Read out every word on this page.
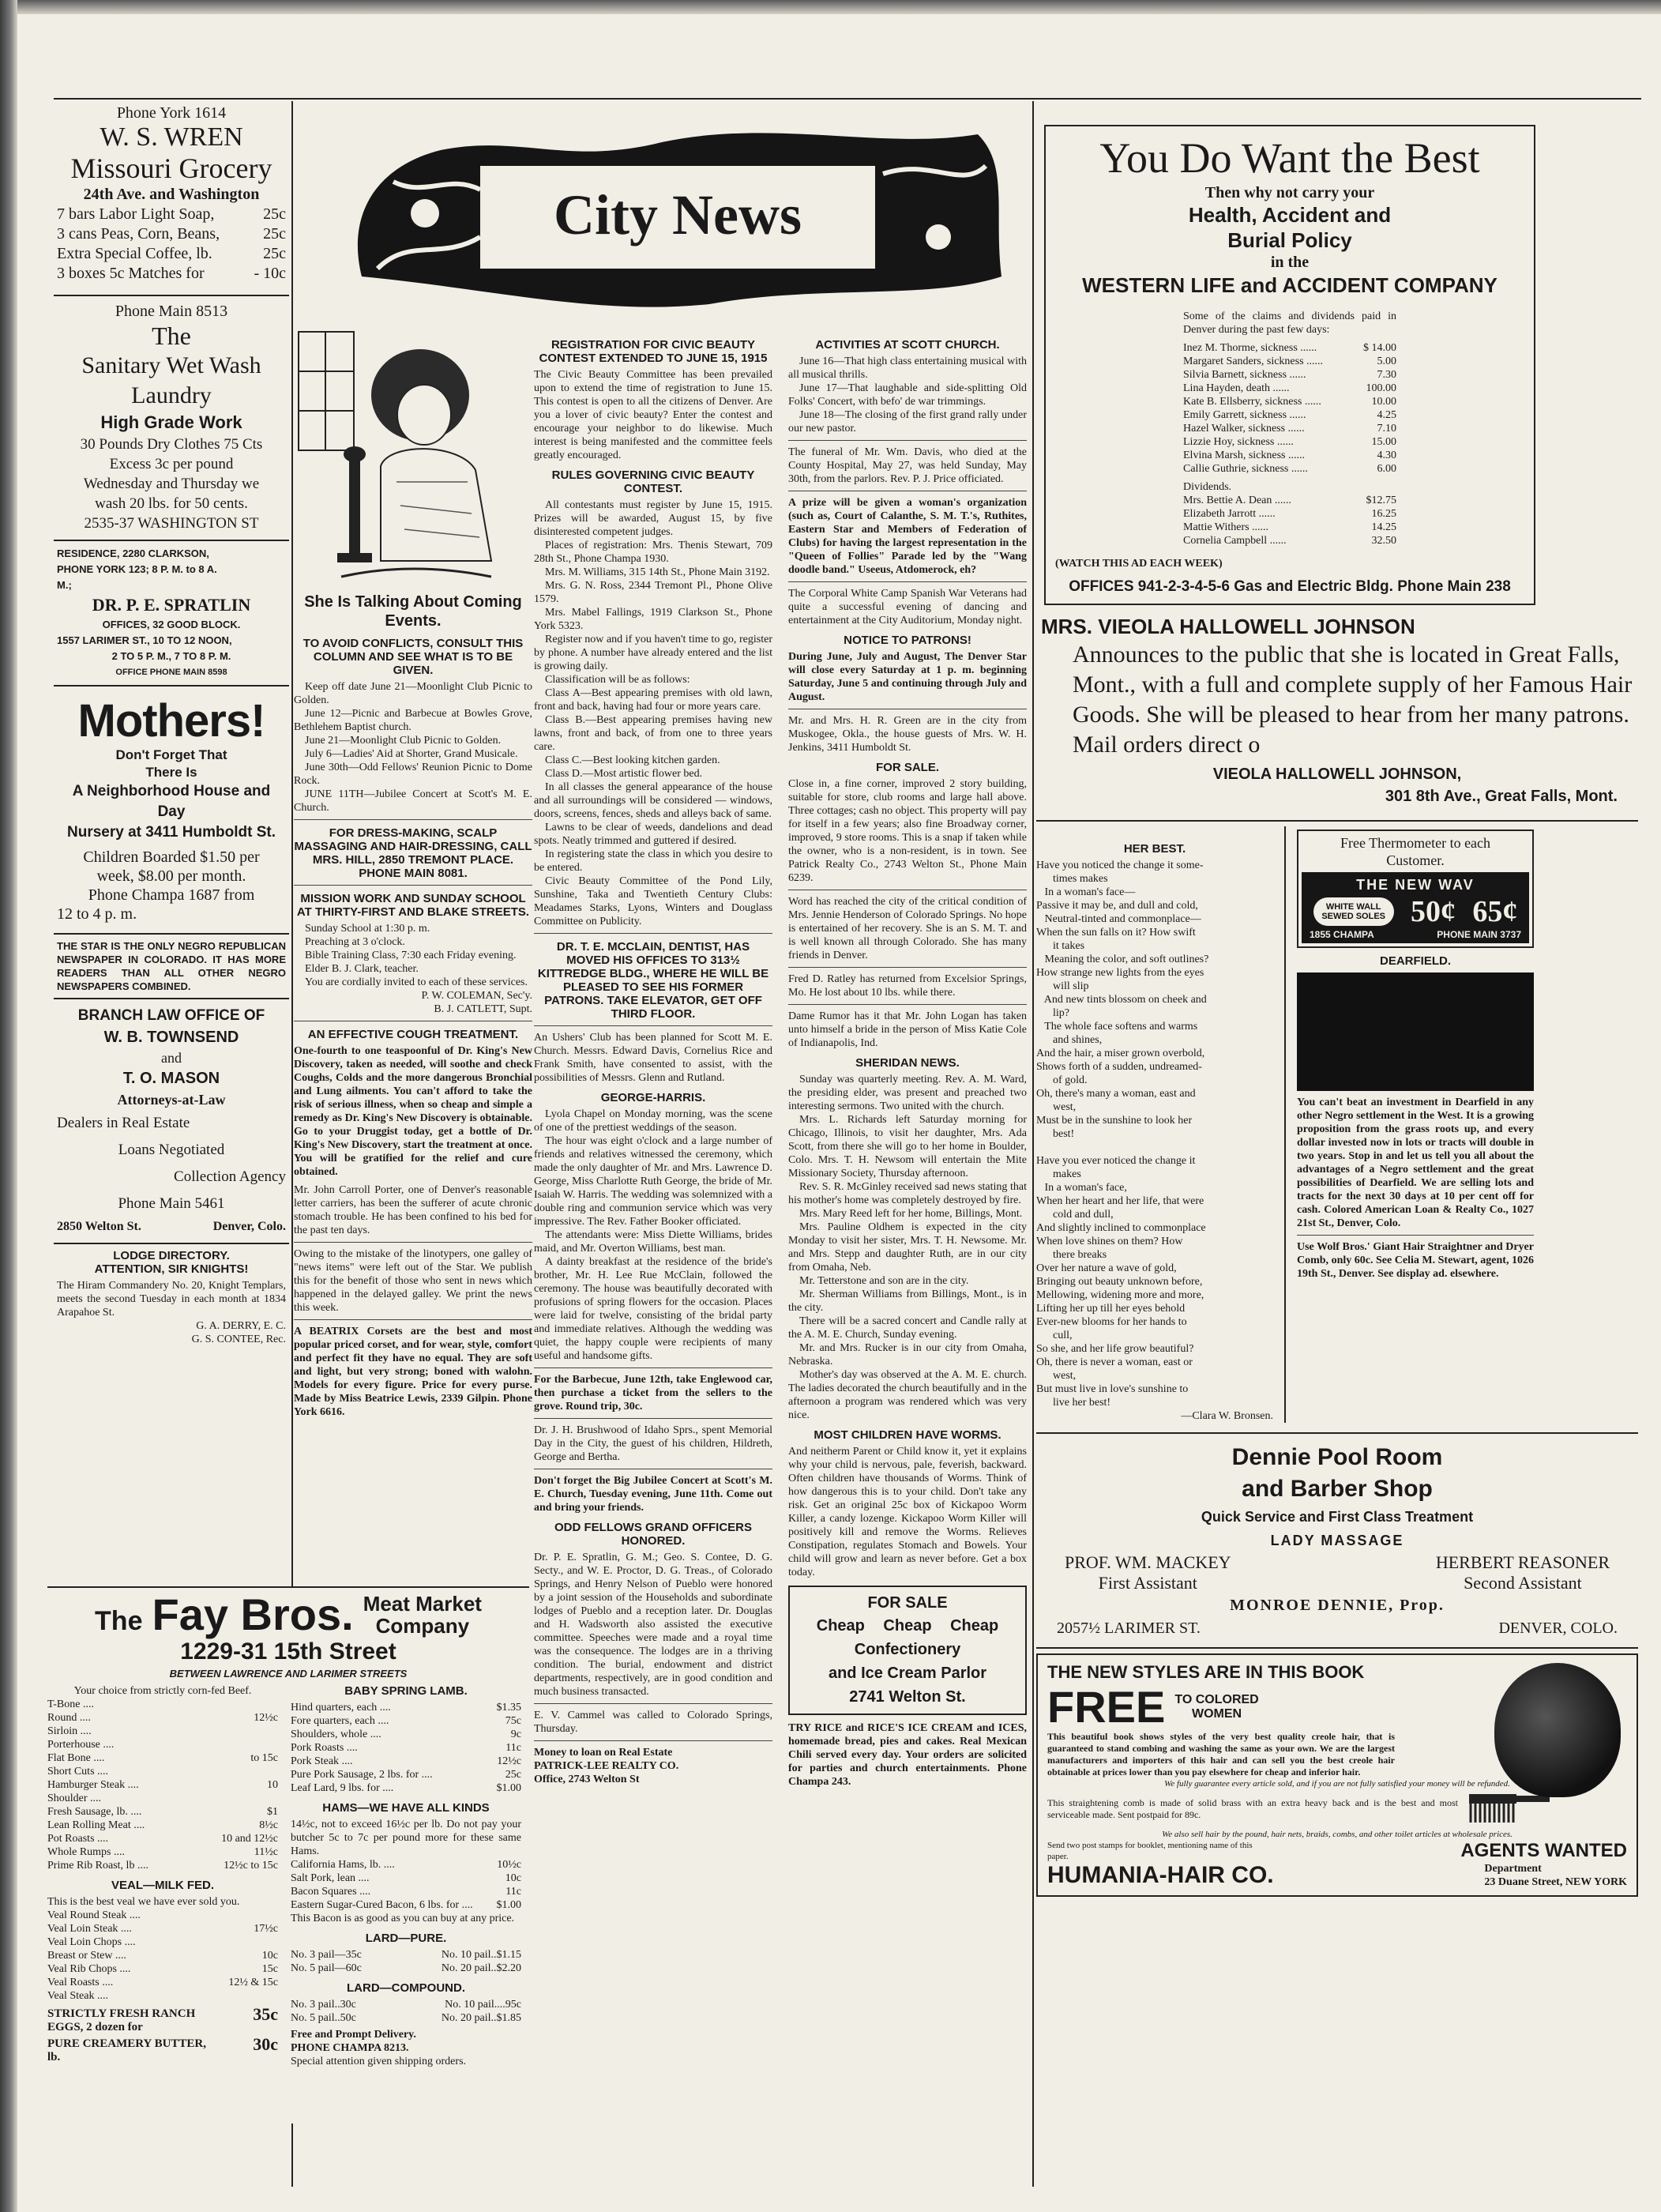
Phone York 1614

W. S. WREN

Missouri Grocery

24th Ave. and Washington

7 bars Labor Light Soap,	25c
3 cans Peas, Corn, Beans,	25c
Extra Special Coffee, lb.	25c
3 boxes 5c Matches for	- 10c

Phone Main 8513

The

Sanitary Wet Wash

Laundry

High Grade Work

30 Pounds Dry Clothes 75 Cts

Excess 3c per pound

Wednesday and Thursday we

wash 20 lbs. for 50 cents.

2535-37 WASHINGTON ST

RESIDENCE, 2280 CLARKSON,

PHONE YORK 123; 8 P. M. to 8 A.

M.;

DR. P. E. SPRATLIN

OFFICES, 32 GOOD BLOCK.

1557 LARIMER ST., 10 TO 12 NOON,

2 TO 5 P. M., 7 TO 8 P. M.

OFFICE PHONE MAIN 8598

Mothers!

Don't Forget That

There Is

A Neighborhood House and Day

Nursery at 3411 Humboldt St.

Children Boarded $1.50 per

week, $8.00 per month.

Phone Champa 1687 from

12 to 4 p. m.

THE STAR IS THE ONLY NEGRO REPUBLICAN NEWSPAPER IN COLORADO. IT HAS MORE READERS THAN ALL OTHER NEGRO NEWSPAPERS COMBINED.

BRANCH LAW OFFICE OF

W. B. TOWNSEND

and

T. O. MASON

Attorneys-at-Law

Dealers in Real Estate

Loans Negotiated

Collection Agency

Phone Main 5461

2850 Welton St.	Denver, Colo.

LODGE DIRECTORY.

ATTENTION, SIR KNIGHTS!

The Hiram Commandery No. 20, Knight Templars, meets the second Tuesday in each month at 1834 Arapahoe St.

G. A. DERRY, E. C.

G. S. CONTEE, Rec.

The Fay Bros. Meat Market
Company

1229-31 15th Street

BETWEEN LAWRENCE AND LARIMER STREETS

Your choice from strictly corn-fed Beef.

T-Bone ....
Round ....	12½c
Sirloin ....
Porterhouse ....
Flat Bone ....	to 15c
Short Cuts ....
Hamburger Steak ....	10
Shoulder ....
Fresh Sausage, lb. ....	$1
Lean Rolling Meat ....	8½c
Pot Roasts ....	10 and 12½c
Whole Rumps ....	11½c
Prime Rib Roast, lb ....	12½c to 15c

VEAL—MILK FED.

This is the best veal we have ever sold you.

Veal Round Steak ....
Veal Loin Steak ....	17½c
Veal Loin Chops ....
Breast or Stew ....	10c
Veal Rib Chops ....	15c
Veal Roasts ....	12½ & 15c
Veal Steak ....
STRICTLY FRESH RANCH EGGS, 2 dozen for
35c
PURE CREAMERY BUTTER, lb.
30c

BABY SPRING LAMB.

Hind quarters, each ....	$1.35
Fore quarters, each ....	75c
Shoulders, whole ....	9c
Pork Roasts ....	11c
Pork Steak ....	12½c
Pure Pork Sausage, 2 lbs. for ....	25c
Leaf Lard, 9 lbs. for ....	$1.00

HAMS—WE HAVE ALL KINDS

14½c, not to exceed 16½c per lb. Do not pay your butcher 5c to 7c per pound more for these same Hams.

California Hams, lb. ....	10½c
Salt Pork, lean ....	10c
Bacon Squares ....	11c
Eastern Sugar-Cured Bacon, 6 lbs. for .... $1.00

This Bacon is as good as you can buy at any price.

LARD—PURE.

No. 3 pail—35c	No. 10 pail..$1.15
No. 5 pail—60c	No. 20 pail..$2.20

LARD—COMPOUND.

No. 3 pail..30c	No. 10 pail....95c
No. 5 pail..50c	No. 20 pail..$1.85

Free and Prompt Delivery.

PHONE CHAMPA 8213.

Special attention given shipping orders.

City News

She Is Talking About Coming Events.

TO AVOID CONFLICTS, CONSULT THIS COLUMN AND SEE WHAT IS TO BE GIVEN.

Keep off date June 21—Moonlight Club Picnic to Golden.

June 12—Picnic and Barbecue at Bowles Grove, Bethlehem Baptist church.

June 21—Moonlight Club Picnic to Golden.

July 6—Ladies' Aid at Shorter, Grand Musicale.

June 30th—Odd Fellows' Reunion Picnic to Dome Rock.

JUNE 11TH—Jubilee Concert at Scott's M. E. Church.

FOR DRESS-MAKING, SCALP MASSAGING AND HAIR-DRESSING, CALL MRS. HILL, 2850 TREMONT PLACE. PHONE MAIN 8081.

MISSION WORK AND SUNDAY SCHOOL AT THIRTY-FIRST AND BLAKE STREETS.

Sunday School at 1:30 p. m.

Preaching at 3 o'clock.

Bible Training Class, 7:30 each Friday evening.

Elder B. J. Clark, teacher.

You are cordially invited to each of these services.

P. W. COLEMAN, Sec'y.

B. J. CATLETT, Supt.

AN EFFECTIVE COUGH TREATMENT.

One-fourth to one teaspoonful of Dr. King's New Discovery, taken as needed, will soothe and check Coughs, Colds and the more dangerous Bronchial and Lung ailments. You can't afford to take the risk of serious illness, when so cheap and simple a remedy as Dr. King's New Discovery is obtainable. Go to your Druggist today, get a bottle of Dr. King's New Discovery, start the treatment at once. You will be gratified for the relief and cure obtained.

Mr. John Carroll Porter, one of Denver's reasonable letter carriers, has been the sufferer of acute chronic stomach trouble. He has been confined to his bed for the past ten days.

Owing to the mistake of the linotypers, one galley of "news items" were left out of the Star. We publish this for the benefit of those who sent in news which happened in the delayed galley. We print the news this week.

A BEATRIX Corsets are the best and most popular priced corset, and for wear, style, comfort and perfect fit they have no equal. They are soft and light, but very strong; boned with walohn. Models for every figure. Price for every purse. Made by Miss Beatrice Lewis, 2339 Gilpin. Phone York 6616.

REGISTRATION FOR CIVIC BEAUTY CONTEST EXTENDED TO JUNE 15, 1915

The Civic Beauty Committee has been prevailed upon to extend the time of registration to June 15. This contest is open to all the citizens of Denver. Are you a lover of civic beauty? Enter the contest and encourage your neighbor to do likewise. Much interest is being manifested and the committee feels greatly encouraged.

RULES GOVERNING CIVIC BEAUTY CONTEST.

All contestants must register by June 15, 1915. Prizes will be awarded, August 15, by five disinterested competent judges.

Places of registration: Mrs. Thenis Stewart, 709 28th St., Phone Champa 1930.

Mrs. M. Williams, 315 14th St., Phone Main 3192.

Mrs. G. N. Ross, 2344 Tremont Pl., Phone Olive 1579.

Mrs. Mabel Fallings, 1919 Clarkson St., Phone York 5323.

Register now and if you haven't time to go, register by phone. A number have already entered and the list is growing daily.

Classification will be as follows:

Class A—Best appearing premises with old lawn, front and back, having had four or more years care.

Class B.—Best appearing premises having new lawns, front and back, of from one to three years care.

Class C.—Best looking kitchen garden.

Class D.—Most artistic flower bed.

In all classes the general appearance of the house and all surroundings will be considered — windows, doors, screens, fences, sheds and alleys back of same.

Lawns to be clear of weeds, dandelions and dead spots. Neatly trimmed and guttered if desired.

In registering state the class in which you desire to be entered.

Civic Beauty Committee of the Pond Lily, Sunshine, Taka and Twentieth Century Clubs: Meadames Starks, Lyons, Winters and Douglass Committee on Publicity.

DR. T. E. MCCLAIN, DENTIST, HAS MOVED HIS OFFICES TO 313½ KITTREDGE BLDG., WHERE HE WILL BE PLEASED TO SEE HIS FORMER PATRONS. TAKE ELEVATOR, GET OFF THIRD FLOOR.

An Ushers' Club has been planned for Scott M. E. Church. Messrs. Edward Davis, Cornelius Rice and Frank Smith, have consented to assist, with the possibilities of Messrs. Glenn and Rutland.

GEORGE-HARRIS.

Lyola Chapel on Monday morning, was the scene of one of the prettiest weddings of the season.

The hour was eight o'clock and a large number of friends and relatives witnessed the ceremony, which made the only daughter of Mr. and Mrs. Lawrence D. George, Miss Charlotte Ruth George, the bride of Mr. Isaiah W. Harris. The wedding was solemnized with a double ring and communion service which was very impressive. The Rev. Father Booker officiated.

The attendants were: Miss Diette Williams, brides maid, and Mr. Overton Williams, best man.

A dainty breakfast at the residence of the bride's brother, Mr. H. Lee Rue McClain, followed the ceremony. The house was beautifully decorated with profusions of spring flowers for the occasion. Places were laid for twelve, consisting of the bridal party and immediate relatives. Although the wedding was quiet, the happy couple were recipients of many useful and handsome gifts.

For the Barbecue, June 12th, take Englewood car, then purchase a ticket from the sellers to the grove. Round trip, 30c.

Dr. J. H. Brushwood of Idaho Sprs., spent Memorial Day in the City, the guest of his children, Hildreth, George and Bertha.

Don't forget the Big Jubilee Concert at Scott's M. E. Church, Tuesday evening, June 11th. Come out and bring your friends.

ODD FELLOWS GRAND OFFICERS HONORED.

Dr. P. E. Spratlin, G. M.; Geo. S. Contee, D. G. Secty., and W. E. Proctor, D. G. Treas., of Colorado Springs, and Henry Nelson of Pueblo were honored by a joint session of the Households and subordinate lodges of Pueblo and a reception later. Dr. Douglas and H. Wadsworth also assisted the executive committee. Speeches were made and a royal time was the consequence. The lodges are in a thriving condition. The burial, endowment and district departments, respectively, are in good condition and much business transacted.

E. V. Cammel was called to Colorado Springs, Thursday.

Money to loan on Real Estate

PATRICK-LEE REALTY CO.

Office, 2743 Welton St

ACTIVITIES AT SCOTT CHURCH.

June 16—That high class entertaining musical with all musical thrills.

June 17—That laughable and side-splitting Old Folks' Concert, with befo' de war trimmings.

June 18—The closing of the first grand rally under our new pastor.

The funeral of Mr. Wm. Davis, who died at the County Hospital, May 27, was held Sunday, May 30th, from the parlors. Rev. P. J. Price officiated.

A prize will be given a woman's organization (such as, Court of Calanthe, S. M. T.'s, Ruthites, Eastern Star and Members of Federation of Clubs) for having the largest representation in the "Queen of Follies" Parade led by the "Wang doodle band." Useeus, Atdomerock, eh?

The Corporal White Camp Spanish War Veterans had quite a successful evening of dancing and entertainment at the City Auditorium, Monday night.

NOTICE TO PATRONS!

During June, July and August, The Denver Star will close every Saturday at 1 p. m. beginning Saturday, June 5 and continuing through July and August.

Mr. and Mrs. H. R. Green are in the city from Muskogee, Okla., the house guests of Mrs. W. H. Jenkins, 3411 Humboldt St.

FOR SALE.

Close in, a fine corner, improved 2 story building, suitable for store, club rooms and large hall above. Three cottages; cash no object. This property will pay for itself in a few years; also fine Broadway corner, improved, 9 store rooms. This is a snap if taken while the owner, who is a non-resident, is in town. See Patrick Realty Co., 2743 Welton St., Phone Main 6239.

Word has reached the city of the critical condition of Mrs. Jennie Henderson of Colorado Springs. No hope is entertained of her recovery. She is an S. M. T. and is well known all through Colorado. She has many friends in Denver.

Fred D. Ratley has returned from Excelsior Springs, Mo. He lost about 10 lbs. while there.

Dame Rumor has it that Mr. John Logan has taken unto himself a bride in the person of Miss Katie Cole of Indianapolis, Ind.

SHERIDAN NEWS.

Sunday was quarterly meeting. Rev. A. M. Ward, the presiding elder, was present and preached two interesting sermons. Two united with the church.

Mrs. L. Richards left Saturday morning for Chicago, Illinois, to visit her daughter, Mrs. Ada Scott, from there she will go to her home in Boulder, Colo. Mrs. T. H. Newsom will entertain the Mite Missionary Society, Thursday afternoon.

Rev. S. R. McGinley received sad news stating that his mother's home was completely destroyed by fire.

Mrs. Mary Reed left for her home, Billings, Mont.

Mrs. Pauline Oldhem is expected in the city Monday to visit her sister, Mrs. T. H. Newsome. Mr. and Mrs. Stepp and daughter Ruth, are in our city from Omaha, Neb.

Mr. Tetterstone and son are in the city.

Mr. Sherman Williams from Billings, Mont., is in the city.

There will be a sacred concert and Candle rally at the A. M. E. Church, Sunday evening.

Mr. and Mrs. Rucker is in our city from Omaha, Nebraska.

Mother's day was observed at the A. M. E. church. The ladies decorated the church beautifully and in the afternoon a program was rendered which was very nice.

MOST CHILDREN HAVE WORMS.

And neitherm Parent or Child know it, yet it explains why your child is nervous, pale, feverish, backward. Often children have thousands of Worms. Think of how dangerous this is to your child. Don't take any risk. Get an original 25c box of Kickapoo Worm Killer, a candy lozenge. Kickapoo Worm Killer will positively kill and remove the Worms. Relieves Constipation, regulates Stomach and Bowels. Your child will grow and learn as never before. Get a box today.

FOR SALE

Cheap Cheap Cheap

Confectionery

and Ice Cream Parlor

2741 Welton St.

TRY RICE and RICE'S ICE CREAM and ICES, homemade bread, pies and cakes. Real Mexican Chili served every day. Your orders are solicited for parties and church entertainments. Phone Champa 243.

You Do Want the Best

Then why not carry your

Health, Accident and

Burial Policy

in the

WESTERN LIFE and ACCIDENT COMPANY

Some of the claims and dividends paid in Denver during the past few days:

Inez M. Thorme, sickness ......	$ 14.00
Margaret Sanders, sickness ......	5.00
Silvia Barnett, sickness ......	7.30
Lina Hayden, death ......	100.00
Kate B. Ellsberry, sickness ......	10.00
Emily Garrett, sickness ......	4.25
Hazel Walker, sickness ......	7.10
Lizzie Hoy, sickness ......	15.00
Elvina Marsh, sickness ......	4.30
Callie Guthrie, sickness ......	6.00

Dividends.

Mrs. Bettie A. Dean ......	$12.75
Elizabeth Jarrott ......	16.25
Mattie Withers ......	14.25
Cornelia Campbell ......	32.50

(WATCH THIS AD EACH WEEK)

OFFICES 941-2-3-4-5-6 Gas and Electric Bldg. Phone Main 238

MRS. VIEOLA HALLOWELL JOHNSON

Announces to the public that she is located in Great Falls, Mont., with a full and complete supply of her Famous Hair Goods. She will be pleased to hear from her many patrons. Mail orders direct o

VIEOLA HALLOWELL JOHNSON,

301 8th Ave., Great Falls, Mont.

HER BEST.

Have you noticed the change it some-
times makes
In a woman's face—
Passive it may be, and dull and cold,
Neutral-tinted and commonplace—
When the sun falls on it? How swift
it takes
Meaning the color, and soft outlines?
How strange new lights from the eyes
will slip
And new tints blossom on cheek and
lip?
The whole face softens and warms
and shines,
And the hair, a miser grown overbold,
Shows forth of a sudden, undreamed-
of gold.
Oh, there's many a woman, east and
west,
Must be in the sunshine to look her
best!

Have you ever noticed the change it
makes
In a woman's face,
When her heart and her life, that were
cold and dull,
And slightly inclined to commonplace
When love shines on them? How
there breaks
Over her nature a wave of gold,
Bringing out beauty unknown before,
Mellowing, widening more and more,
Lifting her up till her eyes behold
Ever-new blooms for her hands to
cull,
So she, and her life grow beautiful?
Oh, there is never a woman, east or
west,
But must live in love's sunshine to
live her best!

—Clara W. Bronsen.

Free Thermometer to each

Customer.

THE NEW WAV

WHITE WALL SEWED SOLES 50¢ 65¢
1855 CHAMPA	PHONE MAIN 3737

DEARFIELD.

You can't beat an investment in Dearfield in any other Negro settlement in the West. It is a growing proposition from the grass roots up, and every dollar invested now in lots or tracts will double in two years. Stop in and let us tell you all about the advantages of a Negro settlement and the great possibilities of Dearfield. We are selling lots and tracts for the next 30 days at 10 per cent off for cash. Colored American Loan & Realty Co., 1027 21st St., Denver, Colo.

Use Wolf Bros.' Giant Hair Straightner and Dryer Comb, only 60c. See Celia M. Stewart, agent, 1026 19th St., Denver. See display ad. elsewhere.

Dennie Pool Room

and Barber Shop

Quick Service and First Class Treatment

LADY MASSAGE

PROF. WM. MACKEY

First Assistant

HERBERT REASONER

Second Assistant

MONROE DENNIE, Prop.

2057½ LARIMER ST.	DENVER, COLO.

THE NEW STYLES ARE IN THIS BOOK

FREE TO COLORED
WOMEN

This beautiful book shows styles of the very best quality creole hair, that is guaranteed to stand combing and washing the same as your own. We are the largest manufacturers and importers of this hair and can sell you the best creole hair obtainable at prices lower than you pay elsewhere for cheap and inferior hair.

We fully guarantee every article sold, and if you are not fully satisfied your money will be refunded.

This straightening comb is made of solid brass with an extra heavy back and is the best and most serviceable made. Sent postpaid for 89c.

We also sell hair by the pound, hair nets, braids, combs, and other toilet articles at wholesale prices.

Send two post stamps for booklet, mentioning name of this paper.	AGENTS WANTED

HUMANIA-HAIR CO.	Department

23 Duane Street, NEW YORK
